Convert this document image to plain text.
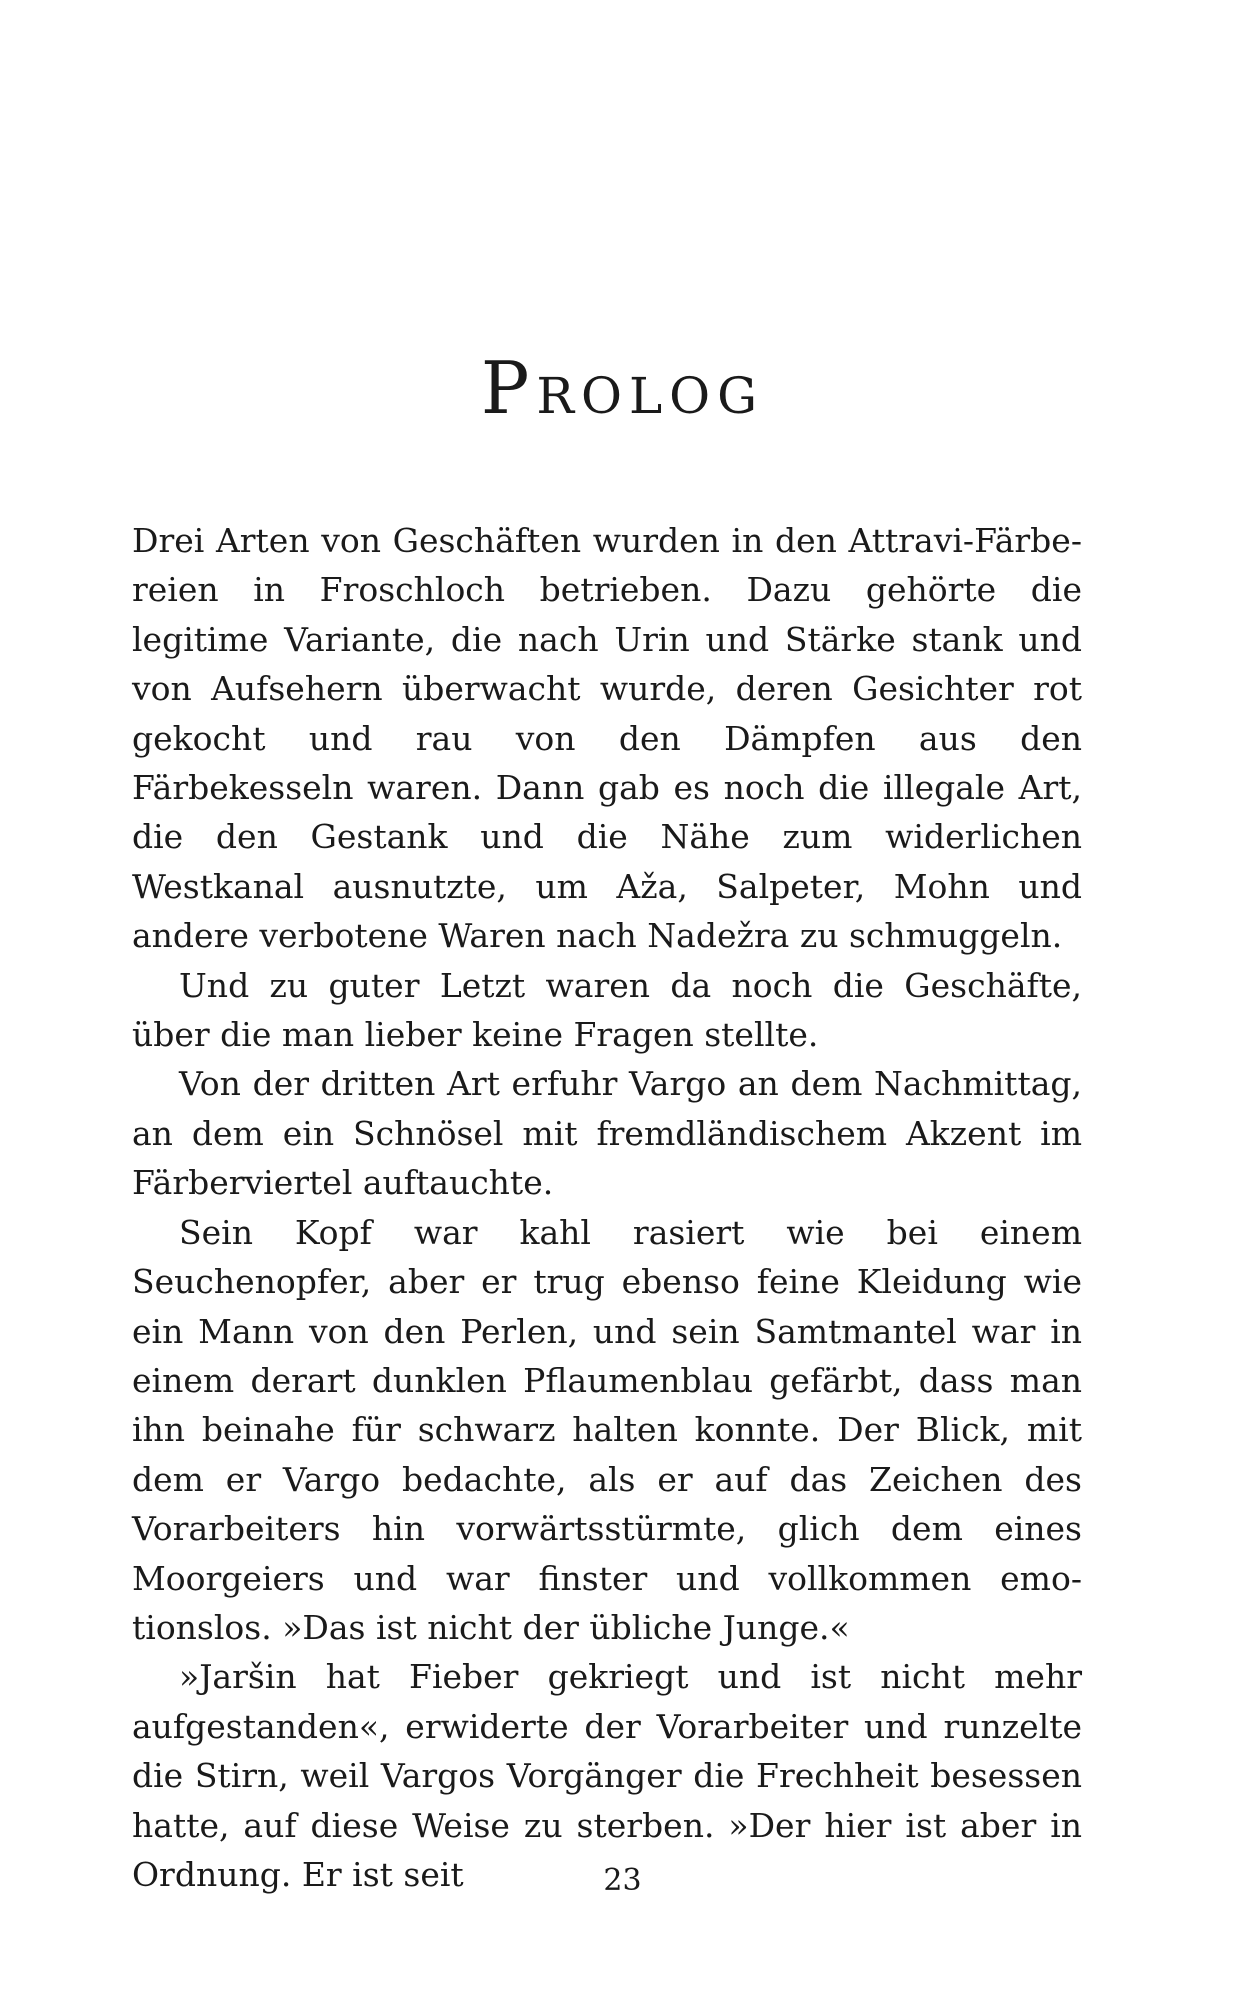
Prolog

Drei Arten von Geschäften wurden in den Attravi-Färbereien in Froschloch betrieben. Dazu gehörte die legitime Variante, die nach Urin und Stärke stank und von Aufsehern überwacht wurde, deren Gesichter rot gekocht und rau von den Dämpfen aus den Färbekesseln waren. Dann gab es noch die illegale Art, die den Gestank und die Nähe zum widerlichen Westkanal ausnutzte, um Aža, Salpeter, Mohn und andere verbotene Waren nach Nadežra zu schmuggeln.

Und zu guter Letzt waren da noch die Geschäfte, über die man lieber keine Fragen stellte.

Von der dritten Art erfuhr Vargo an dem Nachmittag, an dem ein Schnösel mit fremdländischem Akzent im Färberviertel auftauchte.

Sein Kopf war kahl rasiert wie bei einem Seuchenopfer, aber er trug ebenso feine Kleidung wie ein Mann von den Perlen, und sein Samtmantel war in einem derart dunklen Pflaumenblau gefärbt, dass man ihn beinahe für schwarz halten konnte. Der Blick, mit dem er Vargo bedachte, als er auf das Zeichen des Vorarbeiters hin vorwärtsstürmte, glich dem eines Moorgeiers und war finster und vollkommen emotionslos. »Das ist nicht der übliche Junge.«

»Jaršin hat Fieber gekriegt und ist nicht mehr aufgestanden«, erwiderte der Vorarbeiter und runzelte die Stirn, weil Vargos Vorgänger die Frechheit besessen hatte, auf diese Weise zu sterben. »Der hier ist aber in Ordnung. Er ist seit	23
